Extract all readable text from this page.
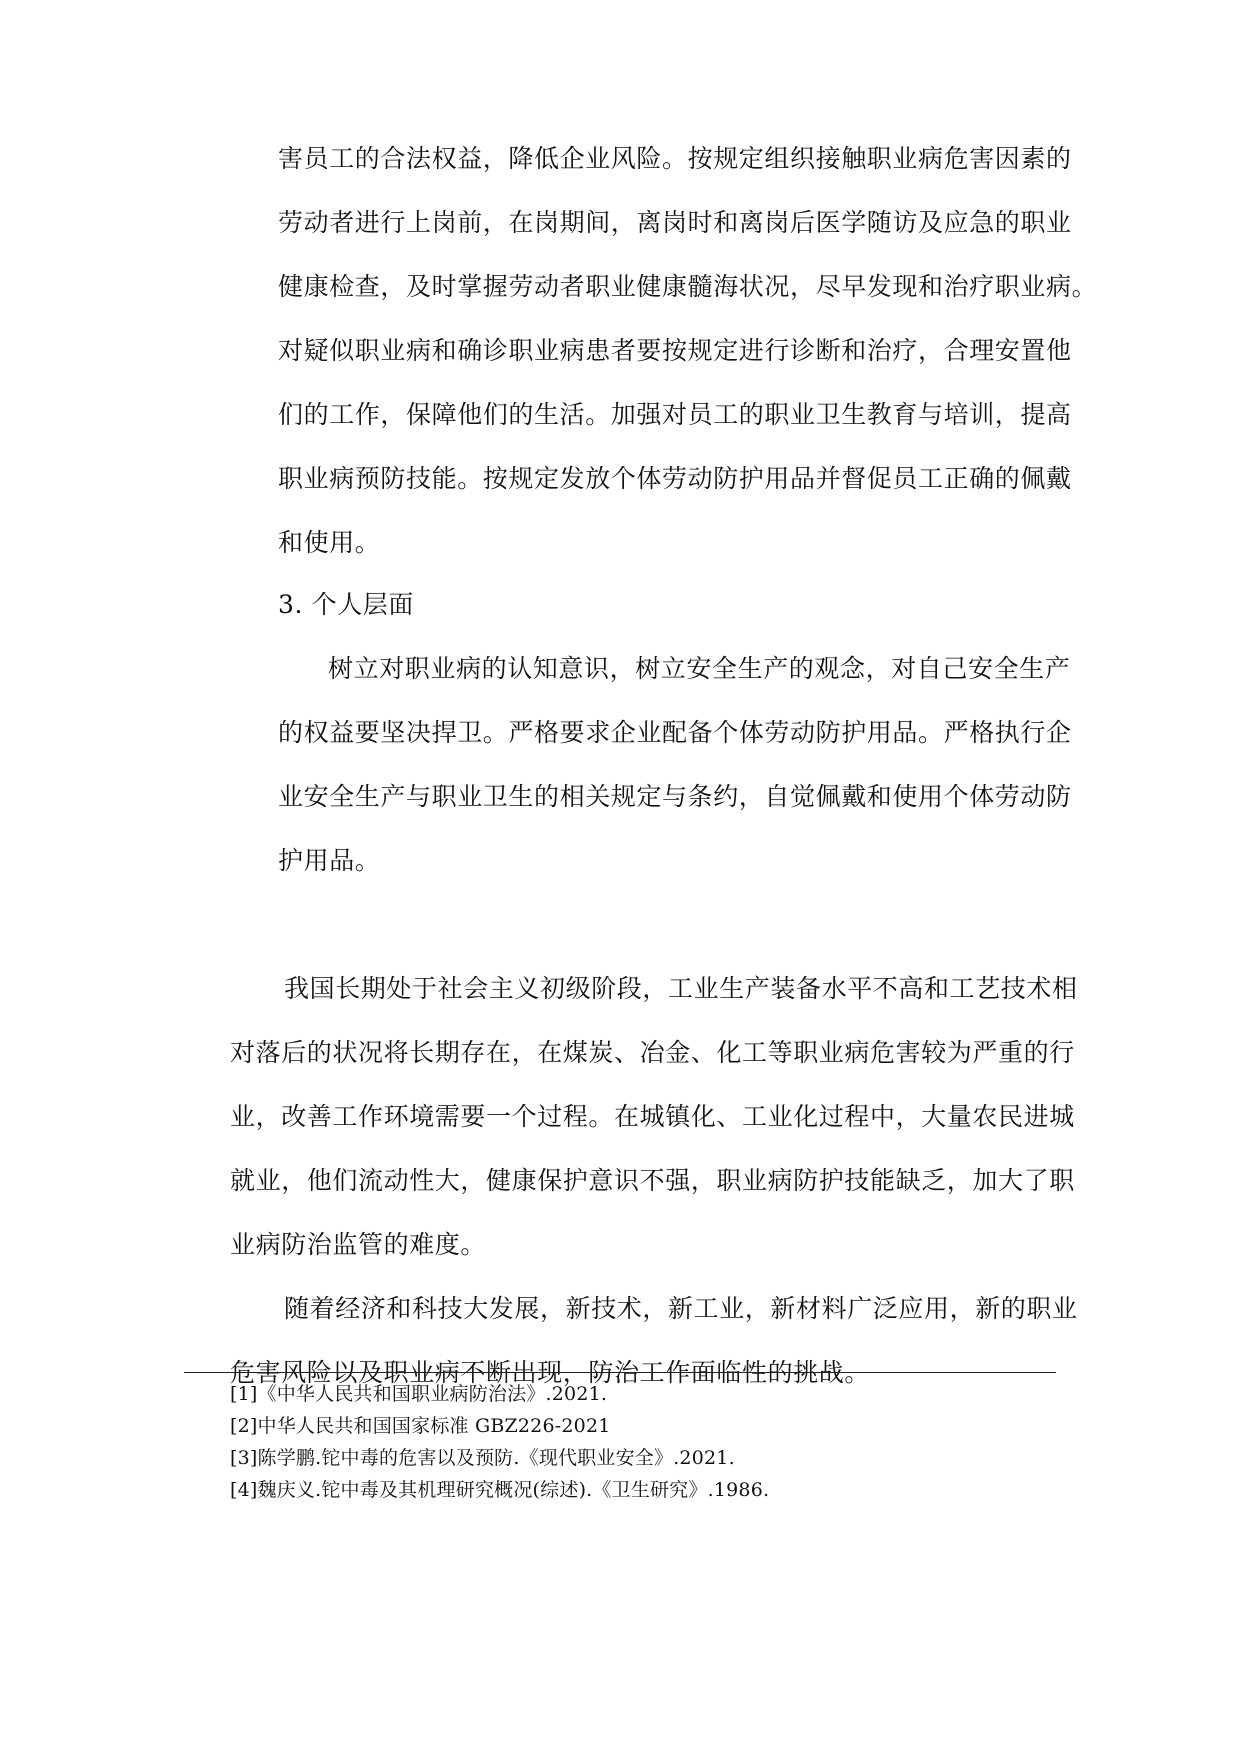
害员工的合法权益，降低企业风险。按规定组织接触职业病危害因素的
劳动者进行上岗前，在岗期间，离岗时和离岗后医学随访及应急的职业
健康检查，及时掌握劳动者职业健康髓海状况，尽早发现和治疗职业病。
对疑似职业病和确诊职业病患者要按规定进行诊断和治疗，合理安置他
们的工作，保障他们的生活。加强对员工的职业卫生教育与培训，提高
职业病预防技能。按规定发放个体劳动防护用品并督促员工正确的佩戴
和使用。
3. 个人层面
树立对职业病的认知意识，树立安全生产的观念，对自己安全生产
的权益要坚决捍卫。严格要求企业配备个体劳动防护用品。严格执行企
业安全生产与职业卫生的相关规定与条约，自觉佩戴和使用个体劳动防
护用品。
我国长期处于社会主义初级阶段，工业生产装备水平不高和工艺技术相
对落后的状况将长期存在，在煤炭、冶金、化工等职业病危害较为严重的行
业，改善工作环境需要一个过程。在城镇化、工业化过程中，大量农民进城
就业，他们流动性大，健康保护意识不强，职业病防护技能缺乏，加大了职
业病防治监管的难度。
随着经济和科技大发展，新技术，新工业，新材料广泛应用，新的职业
危害风险以及职业病不断出现，防治工作面临性的挑战。
[1]《中华人民共和国职业病防治法》.2021.
[2]中华人民共和国国家标准 GBZ226-2021
[3]陈学鹏.铊中毒的危害以及预防.《现代职业安全》.2021.
[4]魏庆义.铊中毒及其机理研究概况(综述).《卫生研究》.1986.
